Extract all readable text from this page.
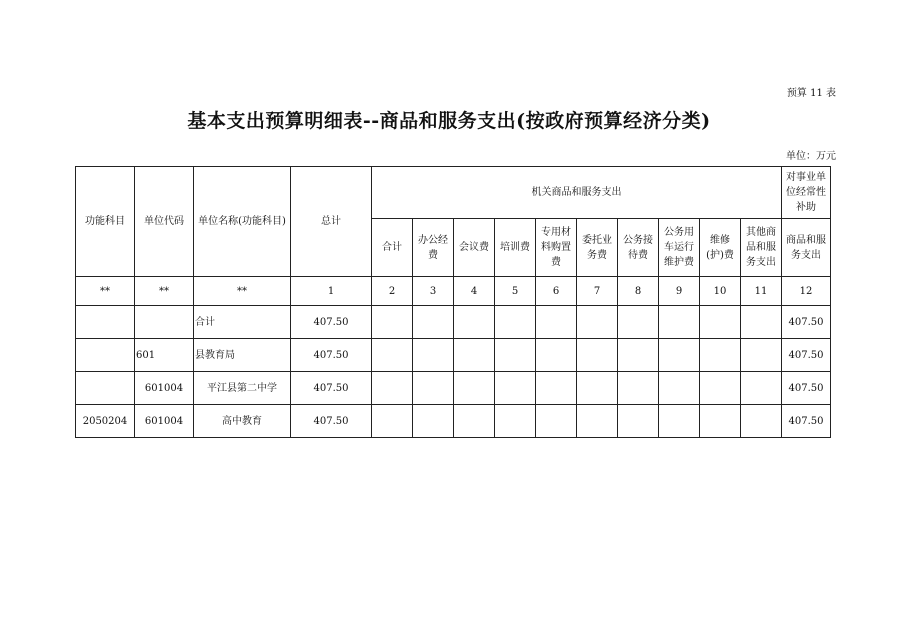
预算 11 表
基本支出预算明细表--商品和服务支出(按政府预算经济分类)
单位：万元
功能科目	单位代码	单位名称(功能科目)	总计	机关商品和服务支出										对事业单
位经常性
补助
				合计	办公经
费	会议费	培训费	专用材
料购置
费	委托业
务费	公务接
待费	公务用
车运行
维护费	维修
(护)费	其他商
品和服
务支出	商品和服
务支出
**	**	**	1	2	3	4	5	6	7	8	9	10	11	12
		合计	407.50											407.50
	601	县教育局	407.50											407.50
	601004	平江县第二中学	407.50											407.50
2050204	601004	高中教育	407.50											407.50
